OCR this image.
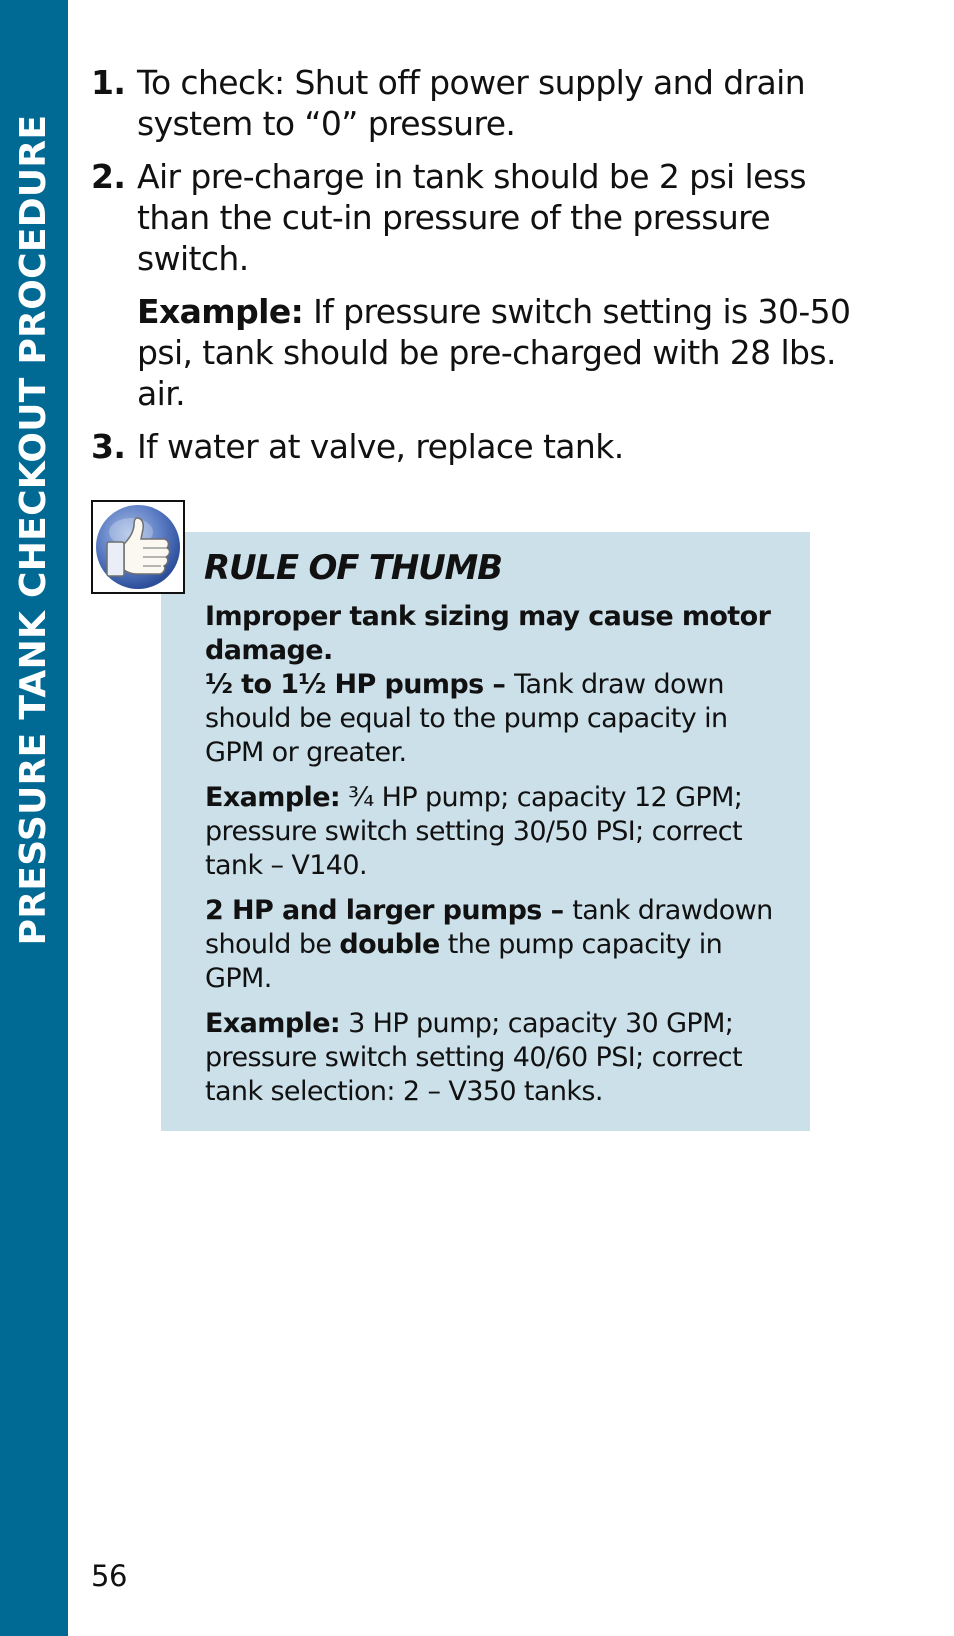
PRESSURE TANK CHECKOUT PROCEDURE
1. To check: Shut off power supply and drain system to “0” pressure.
2. Air pre-charge in tank should be 2 psi less than the cut-in pressure of the pressure switch.
Example: If pressure switch setting is 30-50 psi, tank should be pre-charged with 28 lbs. air.
3. If water at valve, replace tank.
RULE OF THUMB
Improper tank sizing may cause motor damage.

½ to 1½ HP pumps – Tank draw down should be equal to the pump capacity in GPM or greater.

Example: ¾ HP pump; capacity 12 GPM; pressure switch setting 30/50 PSI; correct tank – V140.

2 HP and larger pumps – tank drawdown should be double the pump capacity in GPM.

Example: 3 HP pump; capacity 30 GPM; pressure switch setting 40/60 PSI; correct tank selection: 2 – V350 tanks.

56
